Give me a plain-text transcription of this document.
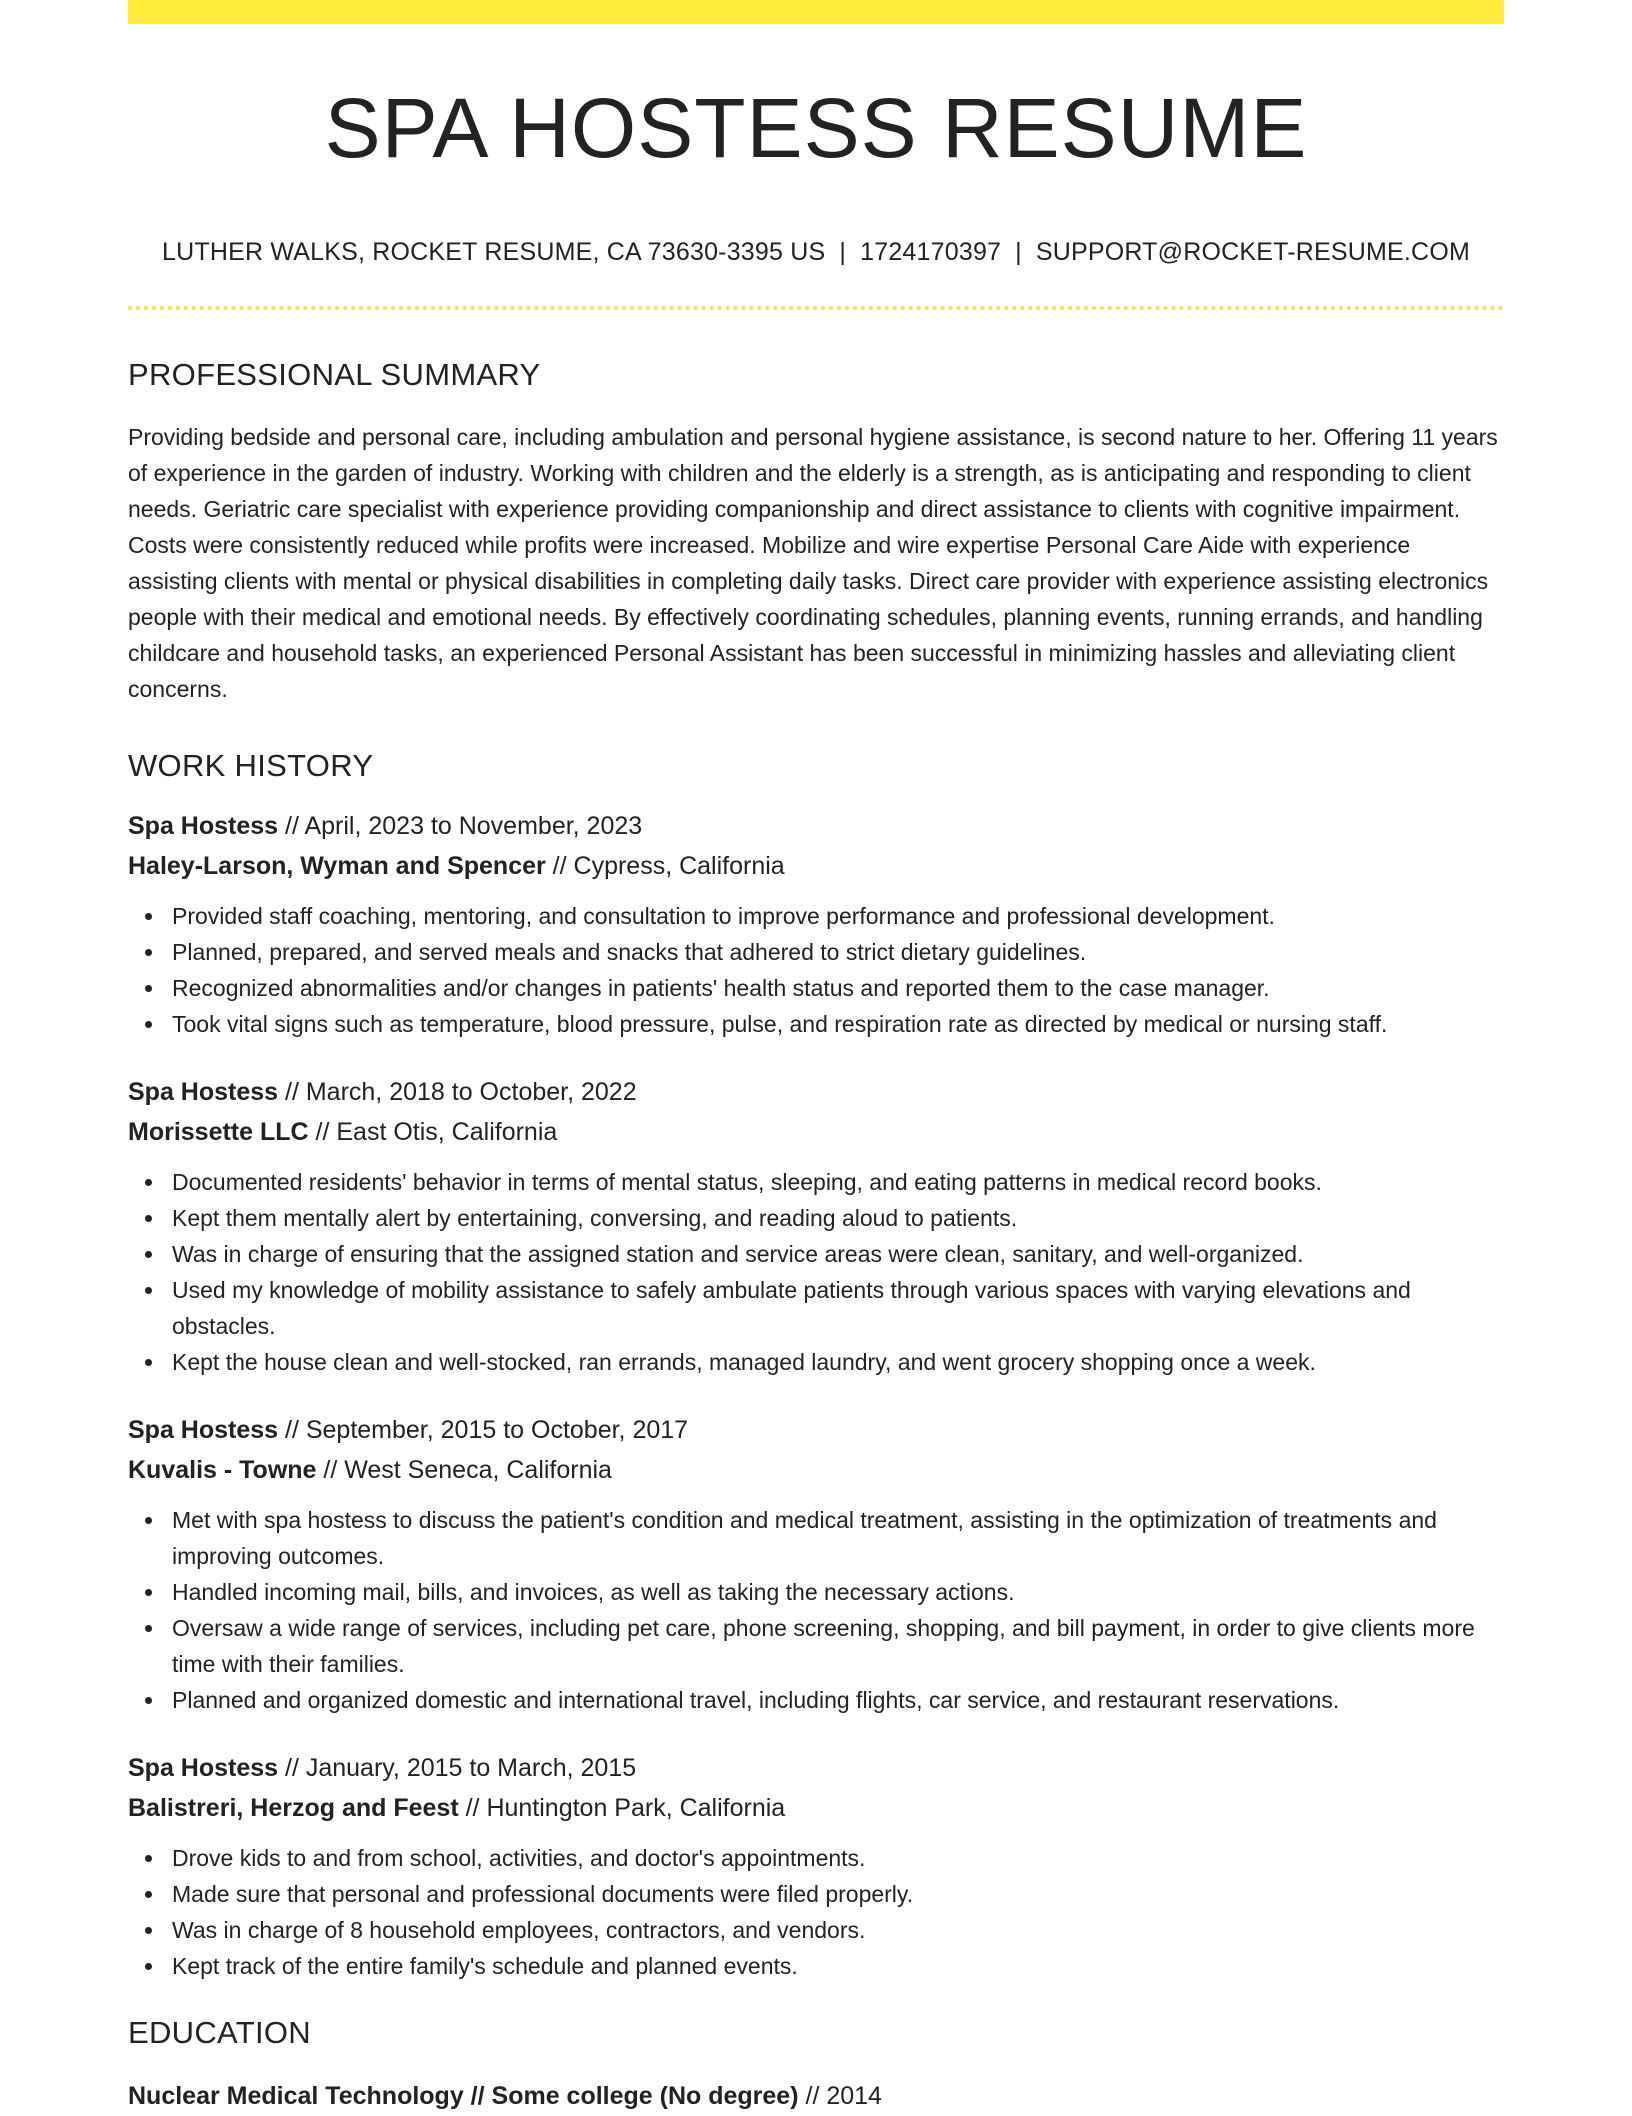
SPA HOSTESS RESUME
LUTHER WALKS, ROCKET RESUME, CA 73630-3395 US | 1724170397 | SUPPORT@ROCKET-RESUME.COM
PROFESSIONAL SUMMARY

Providing bedside and personal care, including ambulation and personal hygiene assistance, is second nature to her. Offering 11 years of experience in the garden of industry. Working with children and the elderly is a strength, as is anticipating and responding to client needs. Geriatric care specialist with experience providing companionship and direct assistance to clients with cognitive impairment. Costs were consistently reduced while profits were increased. Mobilize and wire expertise Personal Care Aide with experience assisting clients with mental or physical disabilities in completing daily tasks. Direct care provider with experience assisting electronics people with their medical and emotional needs. By effectively coordinating schedules, planning events, running errands, and handling childcare and household tasks, an experienced Personal Assistant has been successful in minimizing hassles and alleviating client concerns.

WORK HISTORY
Spa Hostess // April, 2023 to November, 2023
Haley-Larson, Wyman and Spencer // Cypress, California
Provided staff coaching, mentoring, and consultation to improve performance and professional development.
Planned, prepared, and served meals and snacks that adhered to strict dietary guidelines.
Recognized abnormalities and/or changes in patients' health status and reported them to the case manager.
Took vital signs such as temperature, blood pressure, pulse, and respiration rate as directed by medical or nursing staff.
Spa Hostess // March, 2018 to October, 2022
Morissette LLC // East Otis, California
Documented residents' behavior in terms of mental status, sleeping, and eating patterns in medical record books.
Kept them mentally alert by entertaining, conversing, and reading aloud to patients.
Was in charge of ensuring that the assigned station and service areas were clean, sanitary, and well-organized.
Used my knowledge of mobility assistance to safely ambulate patients through various spaces with varying elevations and obstacles.
Kept the house clean and well-stocked, ran errands, managed laundry, and went grocery shopping once a week.
Spa Hostess // September, 2015 to October, 2017
Kuvalis - Towne // West Seneca, California
Met with spa hostess to discuss the patient's condition and medical treatment, assisting in the optimization of treatments and improving outcomes.
Handled incoming mail, bills, and invoices, as well as taking the necessary actions.
Oversaw a wide range of services, including pet care, phone screening, shopping, and bill payment, in order to give clients more time with their families.
Planned and organized domestic and international travel, including flights, car service, and restaurant reservations.
Spa Hostess // January, 2015 to March, 2015
Balistreri, Herzog and Feest // Huntington Park, California
Drove kids to and from school, activities, and doctor's appointments.
Made sure that personal and professional documents were filed properly.
Was in charge of 8 household employees, contractors, and vendors.
Kept track of the entire family's schedule and planned events.
EDUCATION
Nuclear Medical Technology // Some college (No degree) // 2014
